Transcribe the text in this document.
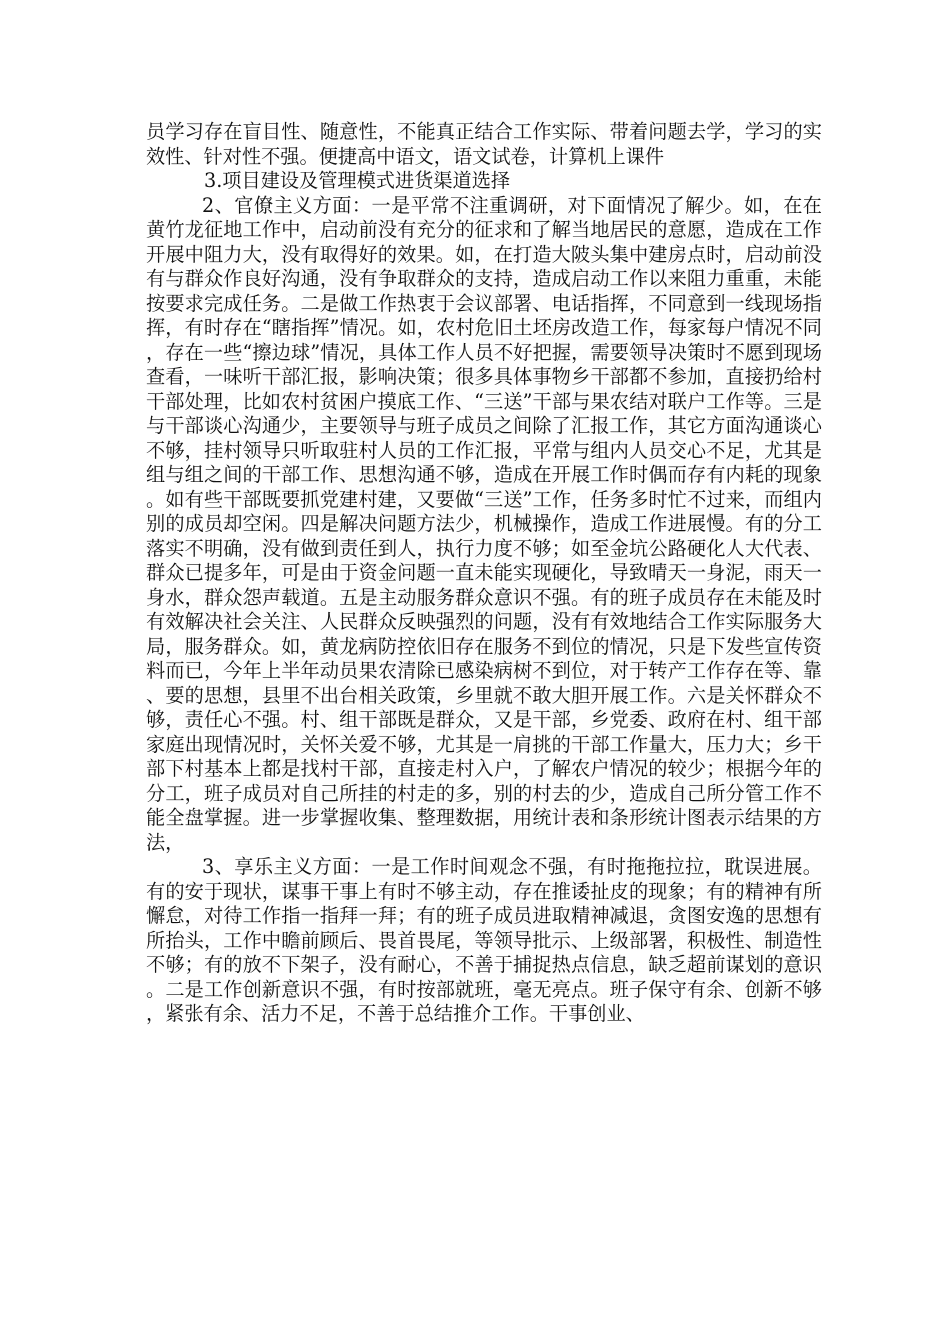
员学习存在盲目性、随意性，不能真正结合工作实际、带着问题去学，学习的实效性、针对性不强。便捷高中语文，语文试卷，计算机上课件

3.项目建设及管理模式进货渠道选择

2、官僚主义方面：一是平常不注重调研，对下面情况了解少。如，在在黄竹龙征地工作中，启动前没有充分的征求和了解当地居民的意愿，造成在工作开展中阻力大，没有取得好的效果。如，在打造大陂头集中建房点时，启动前没有与群众作良好沟通，没有争取群众的支持，造成启动工作以来阻力重重，未能按要求完成任务。二是做工作热衷于会议部署、电话指挥，不同意到一线现场指挥，有时存在“瞎指挥”情况。如，农村危旧土坯房改造工作，每家每户情况不同，存在一些“擦边球”情况，具体工作人员不好把握，需要领导决策时不愿到现场查看，一味听干部汇报，影响决策；很多具体事物乡干部都不参加，直接扔给村干部处理，比如农村贫困户摸底工作、“三送”干部与果农结对联户工作等。三是与干部谈心沟通少，主要领导与班子成员之间除了汇报工作，其它方面沟通谈心不够，挂村领导只听取驻村人员的工作汇报，平常与组内人员交心不足，尤其是组与组之间的干部工作、思想沟通不够，造成在开展工作时偶而存有内耗的现象。如有些干部既要抓党建村建，又要做“三送”工作，任务多时忙不过来，而组内别的成员却空闲。四是解决问题方法少，机械操作，造成工作进展慢。有的分工落实不明确，没有做到责任到人，执行力度不够；如至金坑公路硬化人大代表、群众已提多年，可是由于资金问题一直未能实现硬化，导致晴天一身泥，雨天一身水，群众怨声载道。五是主动服务群众意识不强。有的班子成员存在未能及时有效解决社会关注、人民群众反映强烈的问题，没有有效地结合工作实际服务大局，服务群众。如，黄龙病防控依旧存在服务不到位的情况，只是下发些宣传资料而已，今年上半年动员果农清除已感染病树不到位，对于转产工作存在等、靠、要的思想，县里不出台相关政策，乡里就不敢大胆开展工作。六是关怀群众不够，责任心不强。村、组干部既是群众，又是干部，乡党委、政府在村、组干部家庭出现情况时，关怀关爱不够，尤其是一肩挑的干部工作量大，压力大；乡干部下村基本上都是找村干部，直接走村入户，了解农户情况的较少；根据今年的分工，班子成员对自己所挂的村走的多，别的村去的少，造成自己所分管工作不能全盘掌握。进一步掌握收集、整理数据，用统计表和条形统计图表示结果的方法，

3、享乐主义方面：一是工作时间观念不强，有时拖拖拉拉，耽误进展。有的安于现状，谋事干事上有时不够主动，存在推诿扯皮的现象；有的精神有所懈怠，对待工作指一指拜一拜；有的班子成员进取精神减退，贪图安逸的思想有所抬头，工作中瞻前顾后、畏首畏尾，等领导批示、上级部署，积极性、制造性不够；有的放不下架子，没有耐心，不善于捕捉热点信息，缺乏超前谋划的意识。二是工作创新意识不强，有时按部就班，毫无亮点。班子保守有余、创新不够，紧张有余、活力不足，不善于总结推介工作。干事创业、
